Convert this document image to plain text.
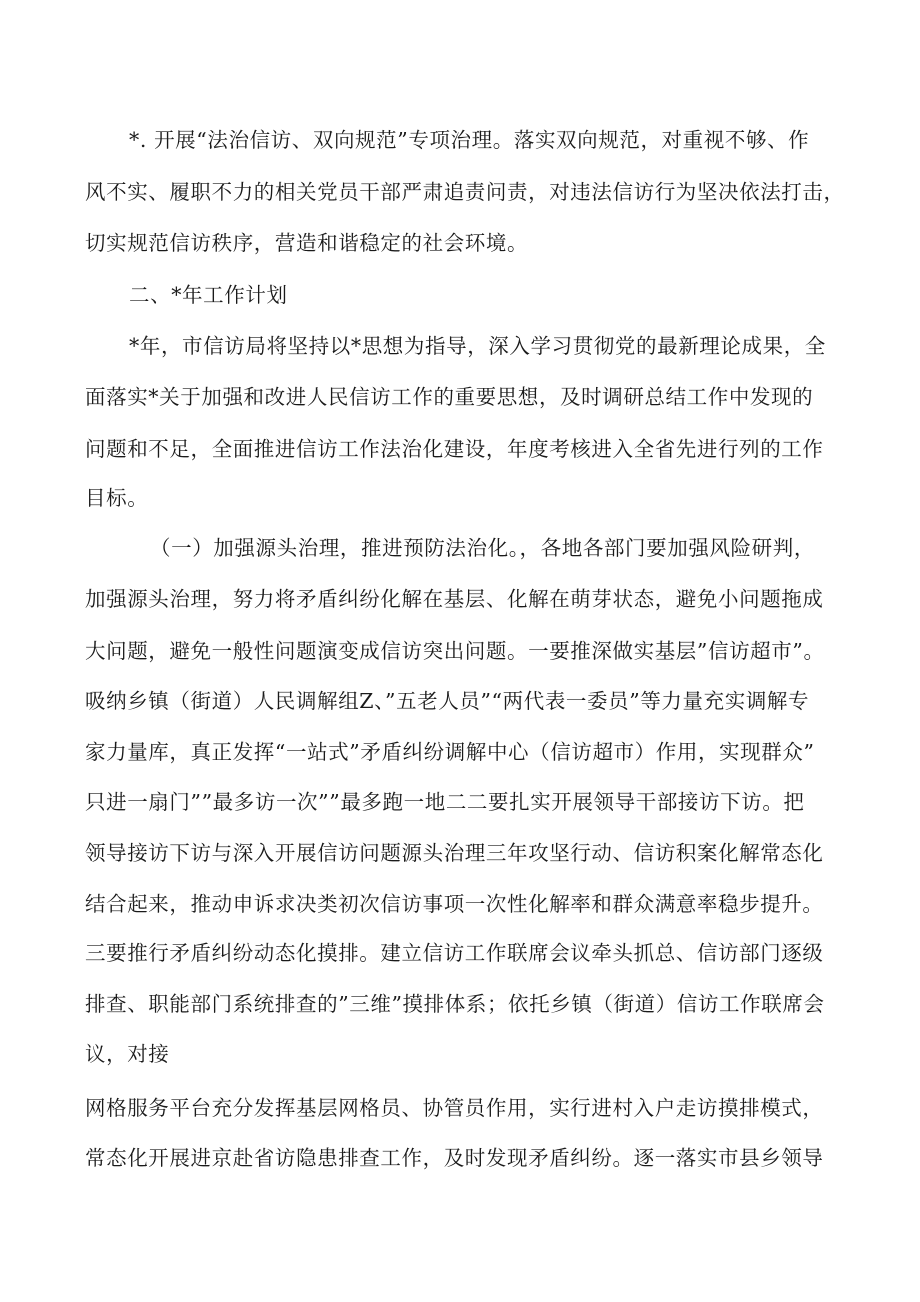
*. 开展“法治信访、双向规范”专项治理。落实双向规范，对重视不够、作
风不实、履职不力的相关党员干部严肃追责问责，对违法信访行为坚决依法打击，
切实规范信访秩序，营造和谐稳定的社会环境。
二、*年工作计划
*年，市信访局将坚持以*思想为指导，深入学习贯彻党的最新理论成果，全
面落实*关于加强和改进人民信访工作的重要思想，及时调研总结工作中发现的
问题和不足，全面推进信访工作法治化建设，年度考核进入全省先进行列的工作
目标。
（一）加强源头治理，推进预防法治化。，各地各部门要加强风险研判，
加强源头治理，努力将矛盾纠纷化解在基层、化解在萌芽状态，避免小问题拖成
大问题，避免一般性问题演变成信访突出问题。一要推深做实基层”信访超市”。
吸纳乡镇（街道）人民调解组Z、”五老人员”“两代表一委员”等力量充实调解专
家力量库，真正发挥“一站式”矛盾纠纷调解中心（信访超市）作用，实现群众”
只进一扇门””最多访一次””最多跑一地二二要扎实开展领导干部接访下访。把
领导接访下访与深入开展信访问题源头治理三年攻坚行动、信访积案化解常态化
结合起来，推动申诉求决类初次信访事项一次性化解率和群众满意率稳步提升。
三要推行矛盾纠纷动态化摸排。建立信访工作联席会议牵头抓总、信访部门逐级
排查、职能部门系统排查的”三维”摸排体系；依托乡镇（街道）信访工作联席会
议，对接
网格服务平台充分发挥基层网格员、协管员作用，实行进村入户走访摸排模式，
常态化开展进京赴省访隐患排查工作，及时发现矛盾纠纷。逐一落实市县乡领导
